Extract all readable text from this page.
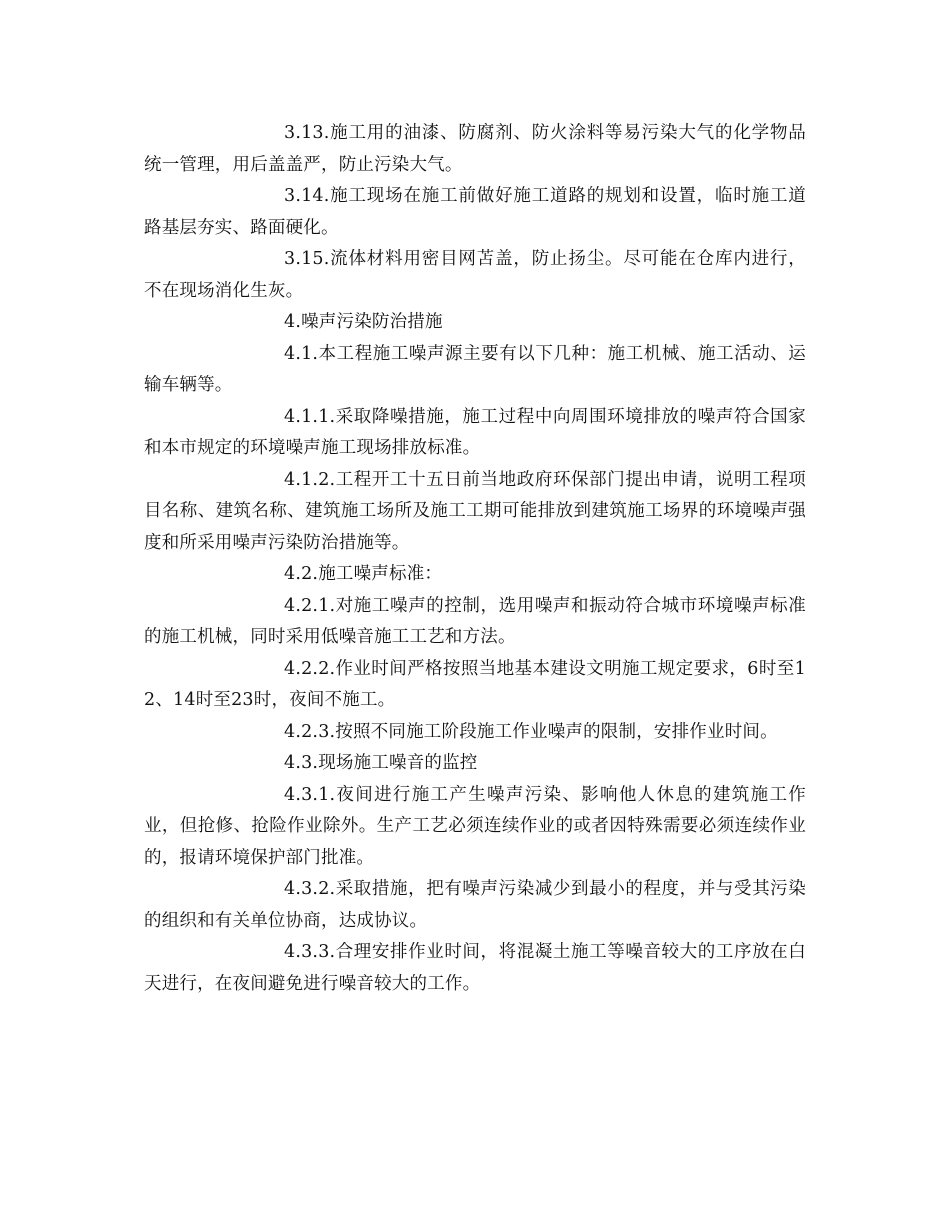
3.13.施工用的油漆、防腐剂、防火涂料等易污染大气的化学物品统一管理，用后盖盖严，防止污染大气。

3.14.施工现场在施工前做好施工道路的规划和设置，临时施工道路基层夯实、路面硬化。

3.15.流体材料用密目网苫盖，防止扬尘。尽可能在仓库内进行，不在现场消化生灰。

4.噪声污染防治措施

4.1.本工程施工噪声源主要有以下几种：施工机械、施工活动、运输车辆等。

4.1.1.采取降噪措施，施工过程中向周围环境排放的噪声符合国家和本市规定的环境噪声施工现场排放标准。

4.1.2.工程开工十五日前当地政府环保部门提出申请，说明工程项目名称、建筑名称、建筑施工场所及施工工期可能排放到建筑施工场界的环境噪声强度和所采用噪声污染防治措施等。

4.2.施工噪声标准：

4.2.1.对施工噪声的控制，选用噪声和振动符合城市环境噪声标准的施工机械，同时采用低噪音施工工艺和方法。

4.2.2.作业时间严格按照当地基本建设文明施工规定要求，6时至12、14时至23时，夜间不施工。

4.2.3.按照不同施工阶段施工作业噪声的限制，安排作业时间。

4.3.现场施工噪音的监控

4.3.1.夜间进行施工产生噪声污染、影响他人休息的建筑施工作业，但抢修、抢险作业除外。生产工艺必须连续作业的或者因特殊需要必须连续作业的，报请环境保护部门批准。

4.3.2.采取措施，把有噪声污染减少到最小的程度，并与受其污染的组织和有关单位协商，达成协议。

4.3.3.合理安排作业时间，将混凝土施工等噪音较大的工序放在白天进行，在夜间避免进行噪音较大的工作。
